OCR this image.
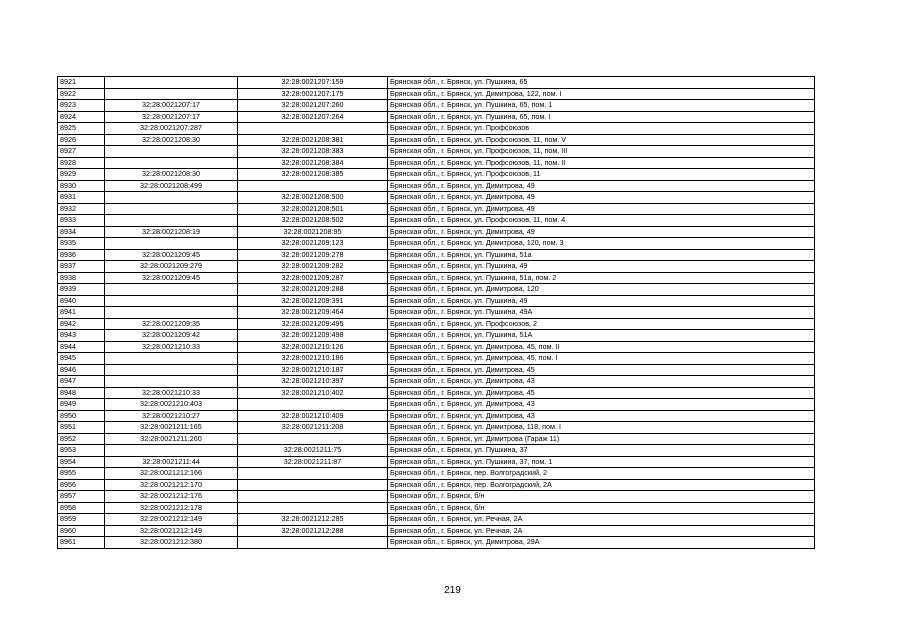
8921		32:28:0021207:159	Брянская обл., г. Брянск, ул. Пушкина, 65
8922		32:28:0021207:175	Брянская обл., г. Брянск, ул. Димитрова, 122, пом. I
8923	32:28:0021207:17	32:28:0021207:260	Брянская обл., г. Брянск, ул. Пушкина, 65, пом. 1
8924	32:28:0021207:17	32:28:0021207:264	Брянская обл., г. Брянск, ул. Пушкина, 65, пом. I
8925	32:28:0021207:287		Брянская обл., г. Брянск, ул. Профсоюзов
8926	32:28:0021208:30	32:28:0021208:381	Брянская обл., г. Брянск, ул. Профсоюзов, 11, пом. V
8927		32:28:0021208:383	Брянская обл., г. Брянск, ул. Профсоюзов, 11, пом. III
8928		32:28:0021208:384	Брянская обл., г. Брянск, ул. Профсоюзов, 11, пом. II
8929	32:28:0021208:30	32:28:0021208:385	Брянская обл., г. Брянск, ул. Профсоюзов, 11
8930	32:28:0021208:499		Брянская обл., г. Брянск, ул. Димитрова, 49
8931		32:28:0021208:500	Брянская обл., г. Брянск, ул. Димитрова, 49
8932		32:28:0021208:501	Брянская обл., г. Брянск, ул. Димитрова, 49
8933		32:28:0021208:502	Брянская обл., г. Брянск, ул. Профсоюзов, 11, пом. 4
8934	32:28:0021208:19	32:28:0021208:95	Брянская обл., г. Брянск, ул. Димитрова, 49
8935		32:28:0021209:123	Брянская обл., г. Брянск, ул. Димитрова, 120, пом. 3
8936	32:28:0021209:45	32:28:0021209:278	Брянская обл., г. Брянск, ул. Пушкина, 51а
8937	32:28:0021209:279	32:28:0021209:282	Брянская обл., г. Брянск, ул. Пушкина, 49
8938	32:28:0021209:45	32:28:0021209:287	Брянская обл., г. Брянск, ул. Пушкина, 51а, пом. 2
8939		32:28:0021209:288	Брянская обл., г. Брянск, ул. Димитрова, 120
8940		32:28:0021209:391	Брянская обл., г. Брянск, ул. Пушкина, 49
8941		32:28:0021209:464	Брянская обл., г. Брянск, ул. Пушкина, 49А
8942	32:28:0021209:35	32:28:0021209:495	Брянская обл., г. Брянск, ул. Профсоюзов, 2
8943	32:28:0021209:42	32:28:0021209:498	Брянская обл., г. Брянск, ул. Пушкина, 51А
8944	32:28:0021210:33	32:28:0021210:126	Брянская обл., г. Брянск, ул. Димитрова, 45, пом. II
8945		32:28:0021210:186	Брянская обл., г. Брянск, ул. Димитрова, 45, пом. I
8946		32:28:0021210:187	Брянская обл., г. Брянск, ул. Димитрова, 45
8947		32:28:0021210:397	Брянская обл., г. Брянск, ул. Димитрова, 43
8948	32:28:0021210:33	32:28:0021210:402	Брянская обл., г. Брянск, ул. Димитрова, 45
8949	32:28:0021210:403		Брянская обл., г. Брянск, ул. Димитрова, 43
8950	32:28:0021210:27	32:28:0021210:409	Брянская обл., г. Брянск, ул. Димитрова, 43
8951	32:28:0021211:165	32:28:0021211:208	Брянская обл., г. Брянск, ул. Димитрова, 118, пом. I
8952	32:28:0021211:260		Брянская обл., г. Брянск, ул. Димитрова (Гараж 11)
8953		32:28:0021211:75	Брянская обл., г. Брянск, ул. Пушкина, 37
8954	32:28:0021211:44	32:28:0021211:87	Брянская обл., г. Брянск, ул. Пушкина, 37, пом. 1
8955	32:28:0021212:166		Брянская обл., г. Брянск, пер. Волгоградский, 2
8956	32:28:0021212:170		Брянская обл., г. Брянск, пер. Волгоградский, 2А
8957	32:28:0021212:176		Брянская обл., г. Брянск, б/н
8958	32:28:0021212:178		Брянская обл., г. Брянск, б/н
8959	32:28:0021212:149	32:28:0021212:285	Брянская обл., г. Брянск, ул. Речная, 2А
8960	32:28:0021212:149	32:28:0021212:288	Брянская обл., г. Брянск, ул. Речная, 2А
8961	32:28:0021212:380		Брянская обл., г. Брянск, ул. Димитрова, 29А
219
